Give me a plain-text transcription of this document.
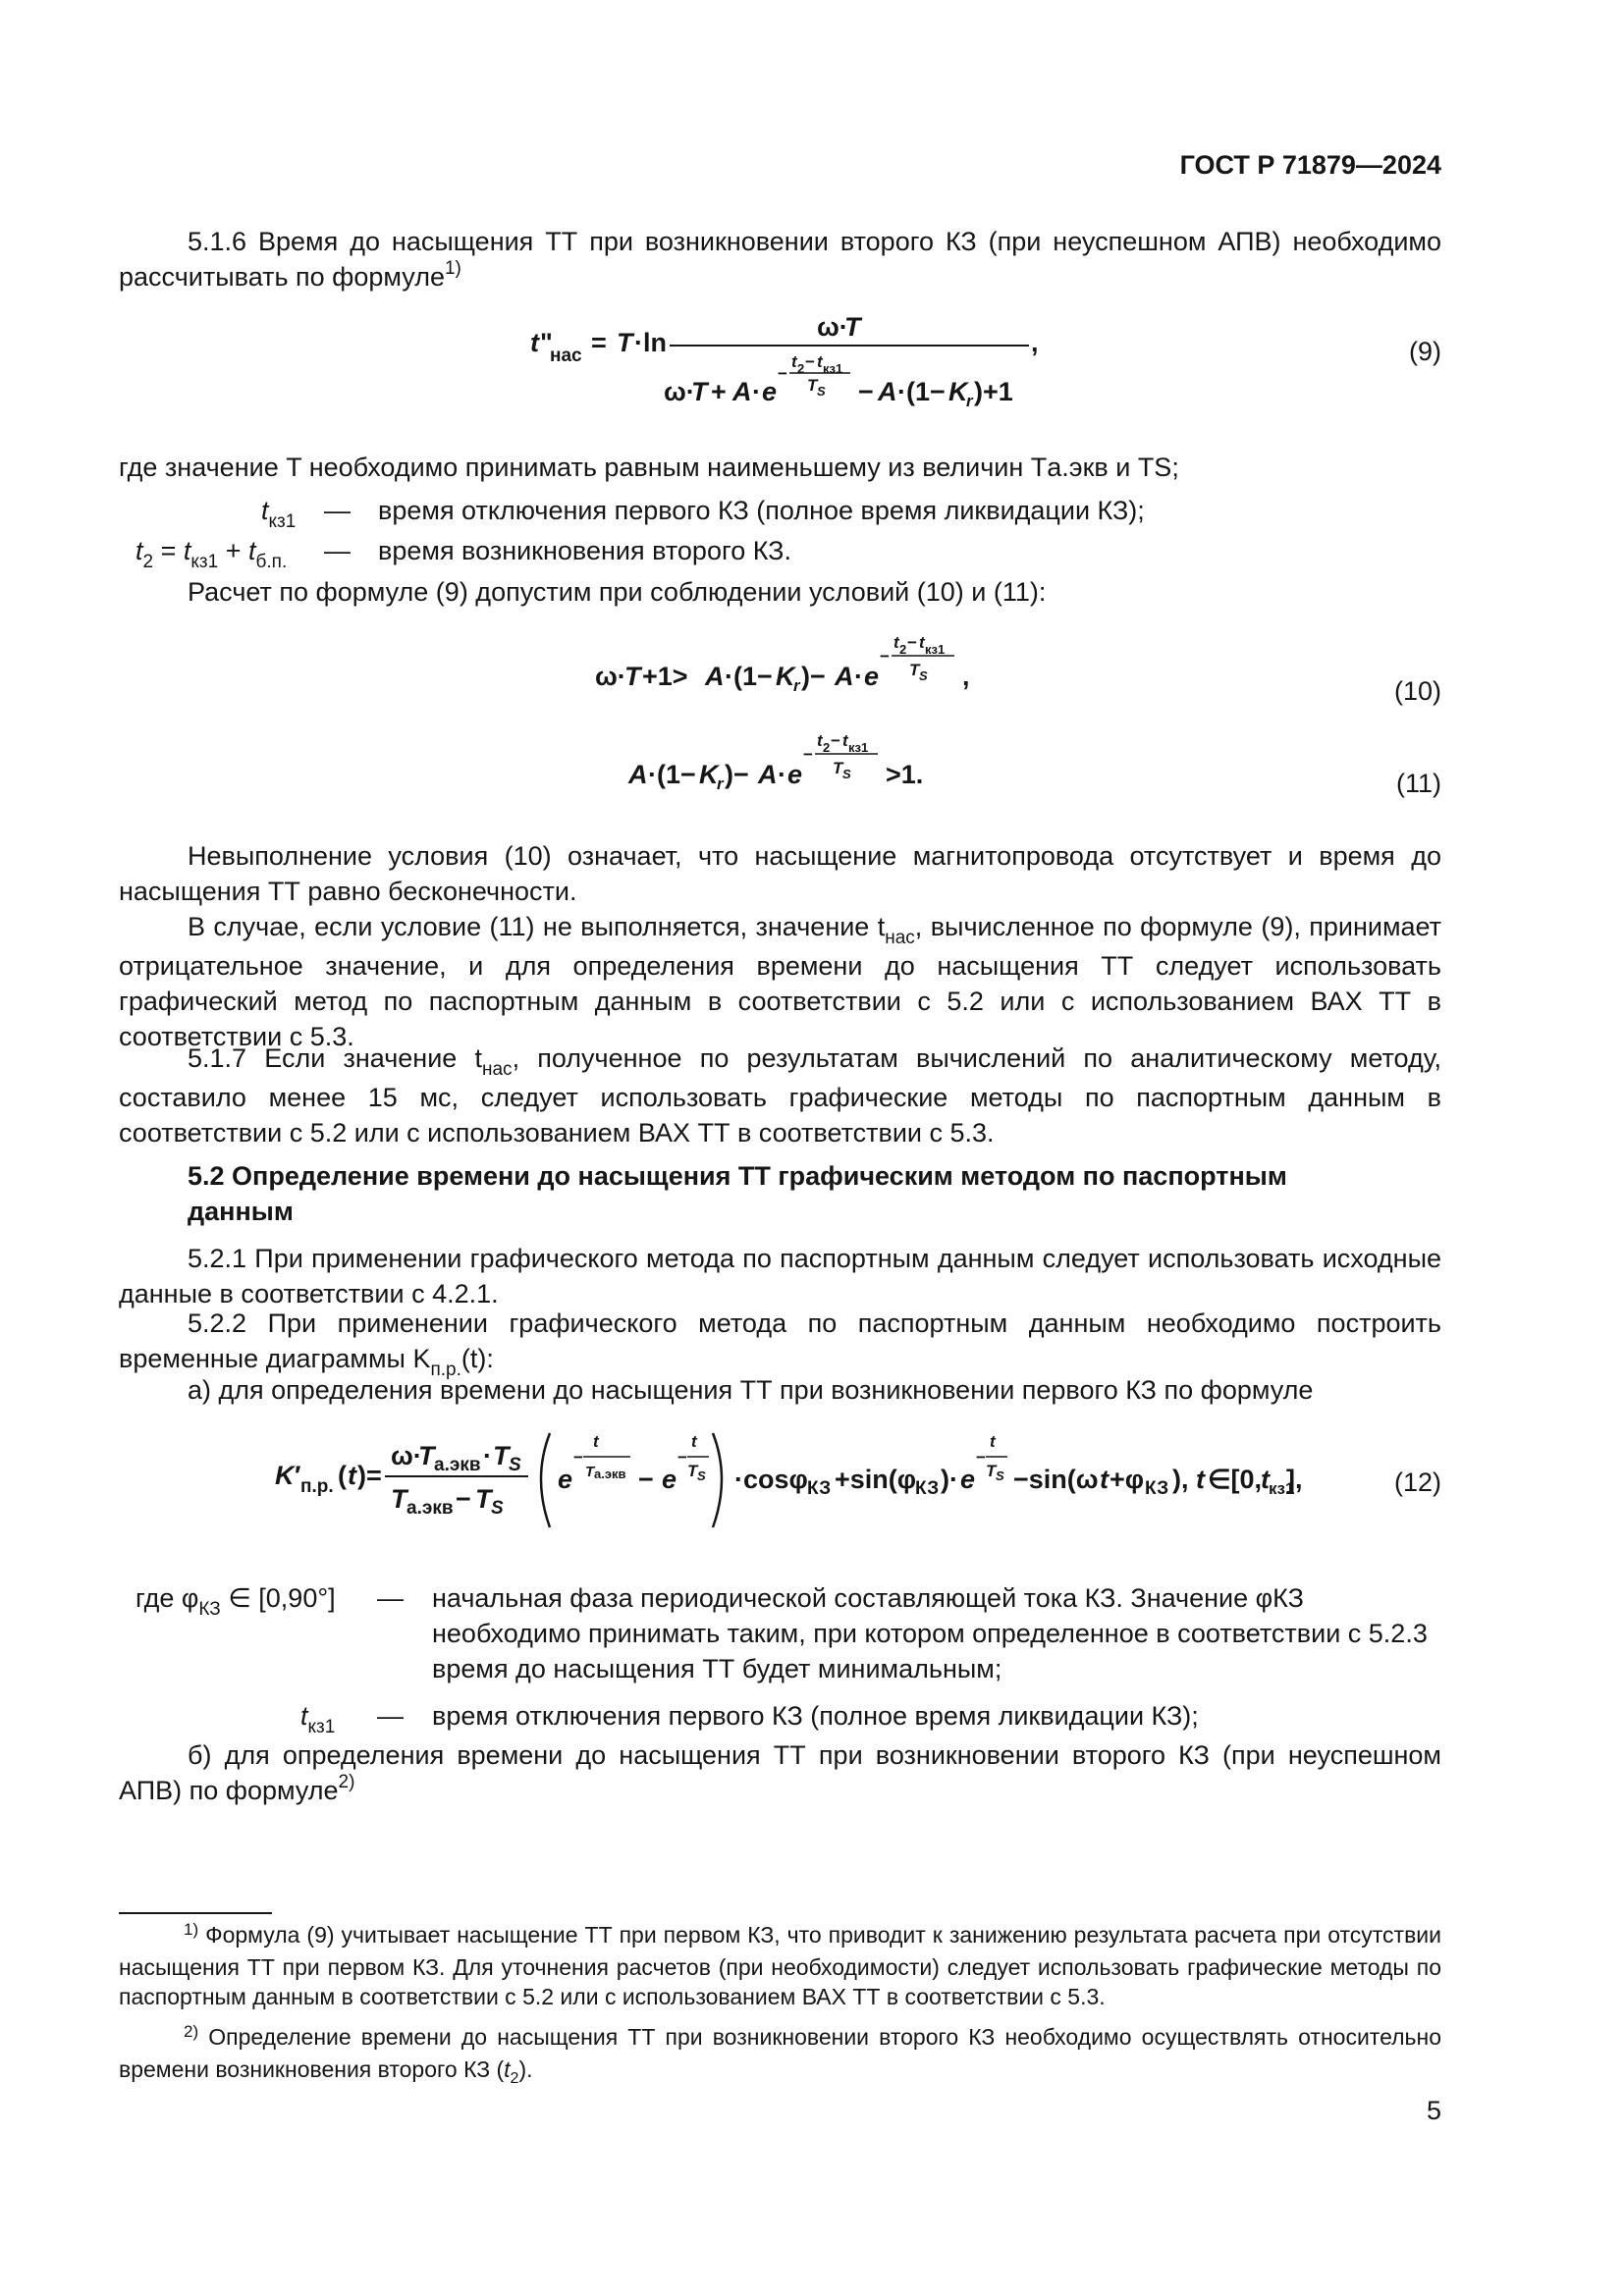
ГОСТ Р 71879—2024
5.1.6 Время до насыщения ТТ при возникновении второго КЗ (при неуспешном АПВ) необходимо рассчитывать по формуле$^{1)}$
t "
нас = T ·ln	,
ω·
T
ω·
T + A · e
−
t 2 − t кз1
T S − A ·(1− K
r )+1
(9)
где значение T необходимо принимать равным наименьшему из величин Tа.экв и TS;
$t_{кз1}$ — время отключения первого КЗ (полное время ликвидации КЗ);
$t_2 = t_{кз1} + t_{б.п.}$ — время возникновения второго КЗ.
Расчет по формуле (9) допустим при соблюдении условий (10) и (11):
ω·
T +1> A ·(1− K
r )− A · e
−
t 2 − t кз1
T S ,	(10)
A ·(1− K
r )− A · e
−
t 2 − t кз1
T S >1.	(11)
Невыполнение условия (10) означает, что насыщение магнитопровода отсутствует и время до насыщения ТТ равно бесконечности.
В случае, если условие (11) не выполняется, значение $t_{нас}$, вычисленное по формуле (9), принимает отрицательное значение, и для определения времени до насыщения ТТ следует использовать графический метод по паспортным данным в соответствии с 5.2 или с использованием ВАХ ТТ в соответствии с 5.3.
5.1.7 Если значение $t_{нас}$, полученное по результатам вычислений по аналитическому методу, составило менее 15 мс, следует использовать графические методы по паспортным данным в соответствии с 5.2 или с использованием ВАХ ТТ в соответствии с 5.3.
5.2 Определение времени до насыщения ТТ графическим методом по паспортным
данным
5.2.1 При применении графического метода по паспортным данным следует использовать исходные данные в соответствии с 4.2.1.
5.2.2 При применении графического метода по паспортным данным необходимо построить временные диаграммы $K_{п.р.}(t)$:
а) для определения времени до насыщения ТТ при возникновении первого КЗ по формуле
K ′ п.р. ( t )=
ω·
T а.экв · T S
T а.экв − T S
e
−
t
T а.экв − e
−
t
T S ·cosφ КЗ +sin(φ
КЗ )· e
−
t
T S −sin(ω t +φ КЗ ), t ∈[0,
t кз1
],	(12)
где $\varphi_{КЗ}$ ∈ [0,90°] — начальная фаза периодической составляющей тока КЗ. Значение φКЗ необходимо принимать таким, при котором определенное в соответствии с 5.2.3 время до насыщения ТТ будет минимальным;
$t_{кз1}$ — время отключения первого КЗ (полное время ликвидации КЗ);
б) для определения времени до насыщения ТТ при возникновении второго КЗ (при неуспешном АПВ) по формуле$^{2)}$
$^{1)}$ Формула (9) учитывает насыщение ТТ при первом КЗ, что приводит к занижению результата расчета при отсутствии насыщения ТТ при первом КЗ. Для уточнения расчетов (при необходимости) следует использовать графические методы по паспортным данным в соответствии с 5.2 или с использованием ВАХ ТТ в соответствии с 5.3.
$^{2)}$ Определение времени до насыщения ТТ при возникновении второго КЗ необходимо осуществлять относительно времени возникновения второго КЗ $(t_2)$.
5
